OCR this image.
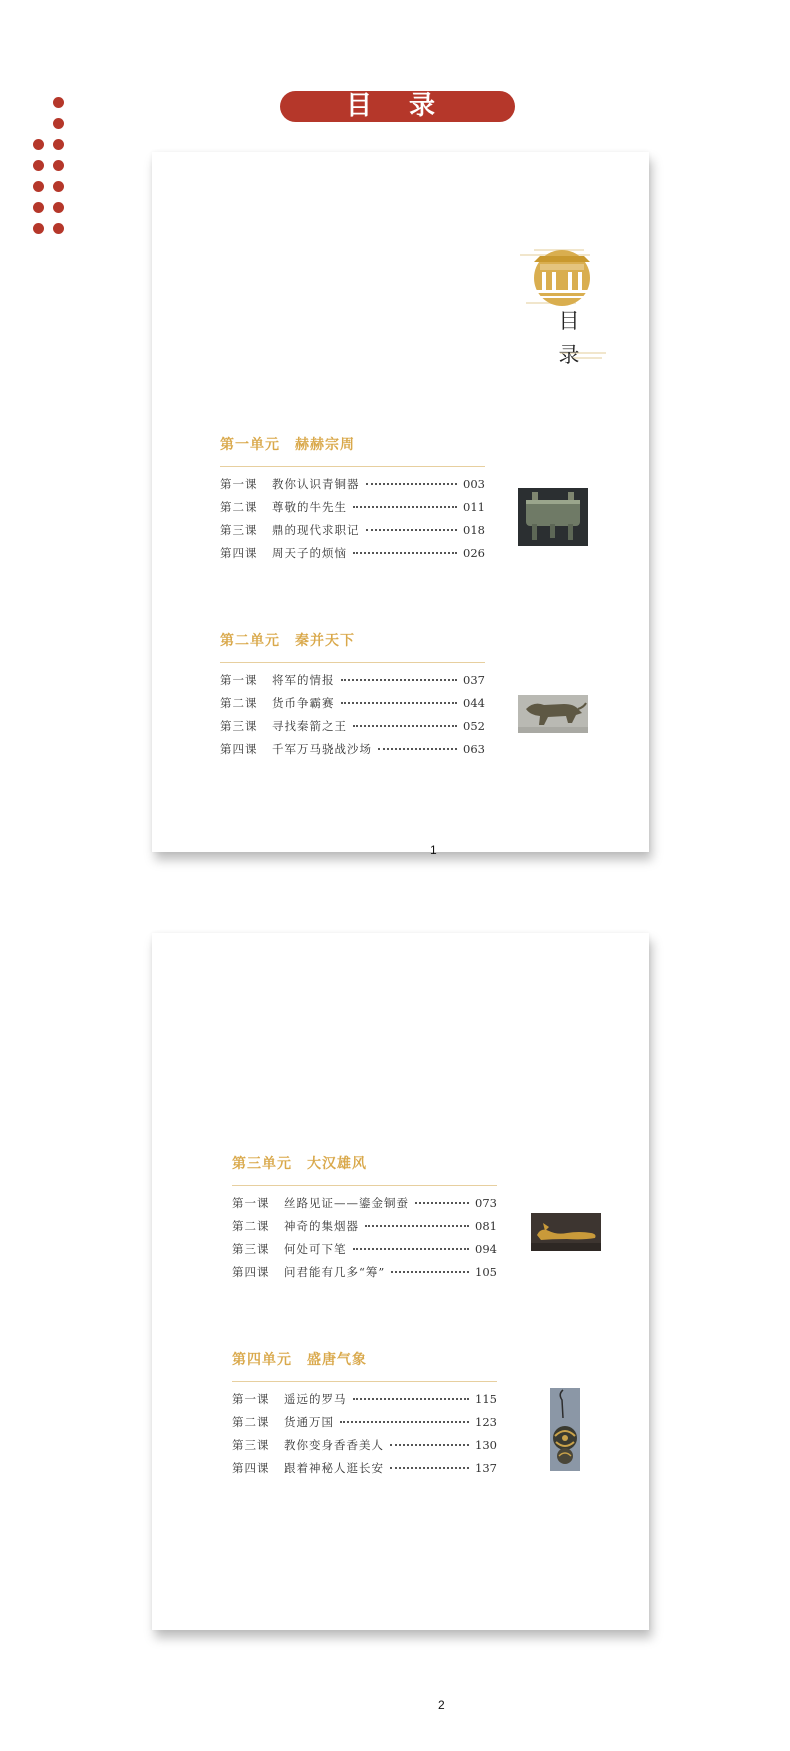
目 录
目
录
第一单元　赫赫宗周
第一课	教你认识青铜器	003
第二课	尊敬的牛先生	011
第三课	鼎的现代求职记	018
第四课	周天子的烦恼	026
第二单元　秦并天下
第一课	将军的情报	037
第二课	货币争霸赛	044
第三课	寻找秦箭之王	052
第四课	千军万马骁战沙场	063
1
第三单元　大汉雄风
第一课	丝路见证——鎏金铜蚕	073
第二课	神奇的集烟器	081
第三课	何处可下笔	094
第四课	问君能有几多“筹”	105
第四单元　盛唐气象
第一课	遥远的罗马	115
第二课	货通万国	123
第三课	教你变身香香美人	130
第四课	跟着神秘人逛长安	137
2
